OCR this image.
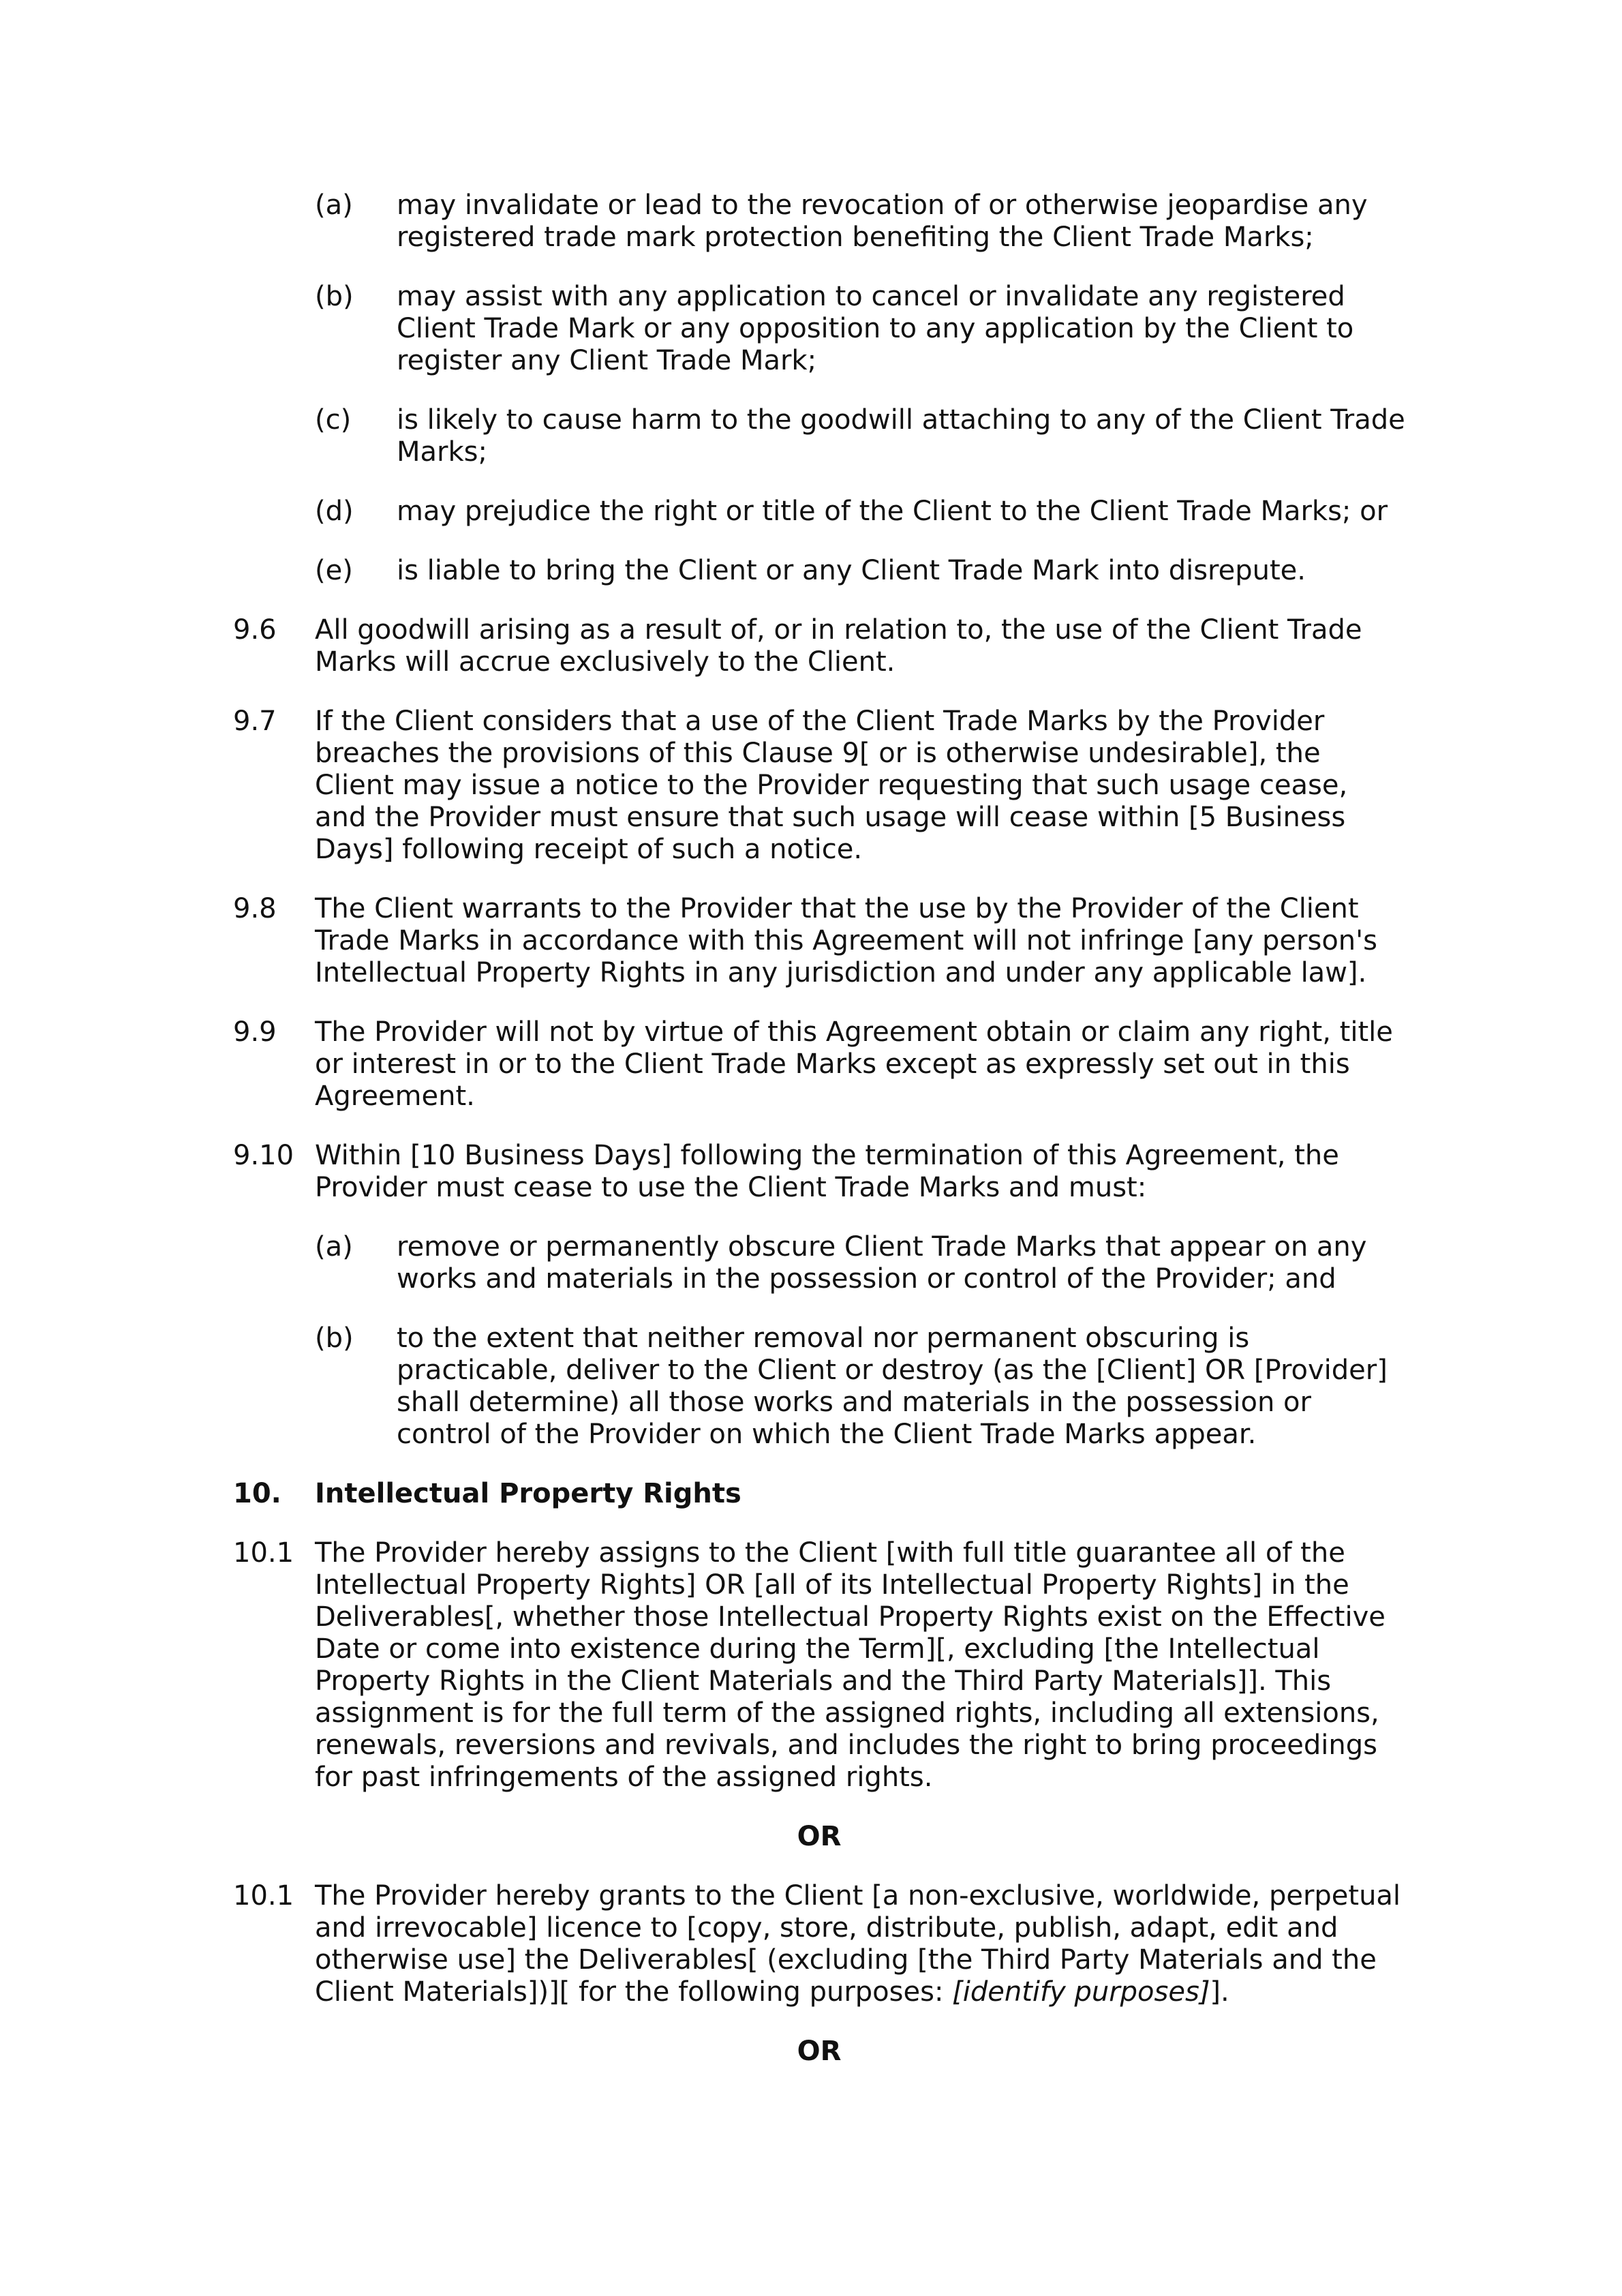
(a)	may invalidate or lead to the revocation of or otherwise jeopardise any registered trade mark protection benefiting the Client Trade Marks;
(b)	may assist with any application to cancel or invalidate any registered Client Trade Mark or any opposition to any application by the Client to register any Client Trade Mark;
(c)	is likely to cause harm to the goodwill attaching to any of the Client Trade Marks;
(d)	may prejudice the right or title of the Client to the Client Trade Marks; or
(e)	is liable to bring the Client or any Client Trade Mark into disrepute.
9.6	All goodwill arising as a result of, or in relation to, the use of the Client Trade Marks will accrue exclusively to the Client.
9.7	If the Client considers that a use of the Client Trade Marks by the Provider breaches the provisions of this Clause 9[ or is otherwise undesirable], the Client may issue a notice to the Provider requesting that such usage cease, and the Provider must ensure that such usage will cease within [5 Business Days] following receipt of such a notice.
9.8	The Client warrants to the Provider that the use by the Provider of the Client Trade Marks in accordance with this Agreement will not infringe [any person's Intellectual Property Rights in any jurisdiction and under any applicable law].
9.9	The Provider will not by virtue of this Agreement obtain or claim any right, title or interest in or to the Client Trade Marks except as expressly set out in this Agreement.
9.10 Within [10 Business Days] following the termination of this Agreement, the Provider must cease to use the Client Trade Marks and must:
(a)	remove or permanently obscure Client Trade Marks that appear on any works and materials in the possession or control of the Provider; and
(b)	to the extent that neither removal nor permanent obscuring is practicable, deliver to the Client or destroy (as the [Client] OR [Provider] shall determine) all those works and materials in the possession or control of the Provider on which the Client Trade Marks appear.
10.	Intellectual Property Rights
10.1 The Provider hereby assigns to the Client [with full title guarantee all of the Intellectual Property Rights] OR [all of its Intellectual Property Rights] in the Deliverables[, whether those Intellectual Property Rights exist on the Effective Date or come into existence during the Term][, excluding [the Intellectual Property Rights in the Client Materials and the Third Party Materials]]. This assignment is for the full term of the assigned rights, including all extensions, renewals, reversions and revivals, and includes the right to bring proceedings for past infringements of the assigned rights.
OR
10.1 The Provider hereby grants to the Client [a non-exclusive, worldwide, perpetual and irrevocable] licence to [copy, store, distribute, publish, adapt, edit and otherwise use] the Deliverables[ (excluding [the Third Party Materials and the Client Materials])][ for the following purposes: [identify purposes]].
OR
